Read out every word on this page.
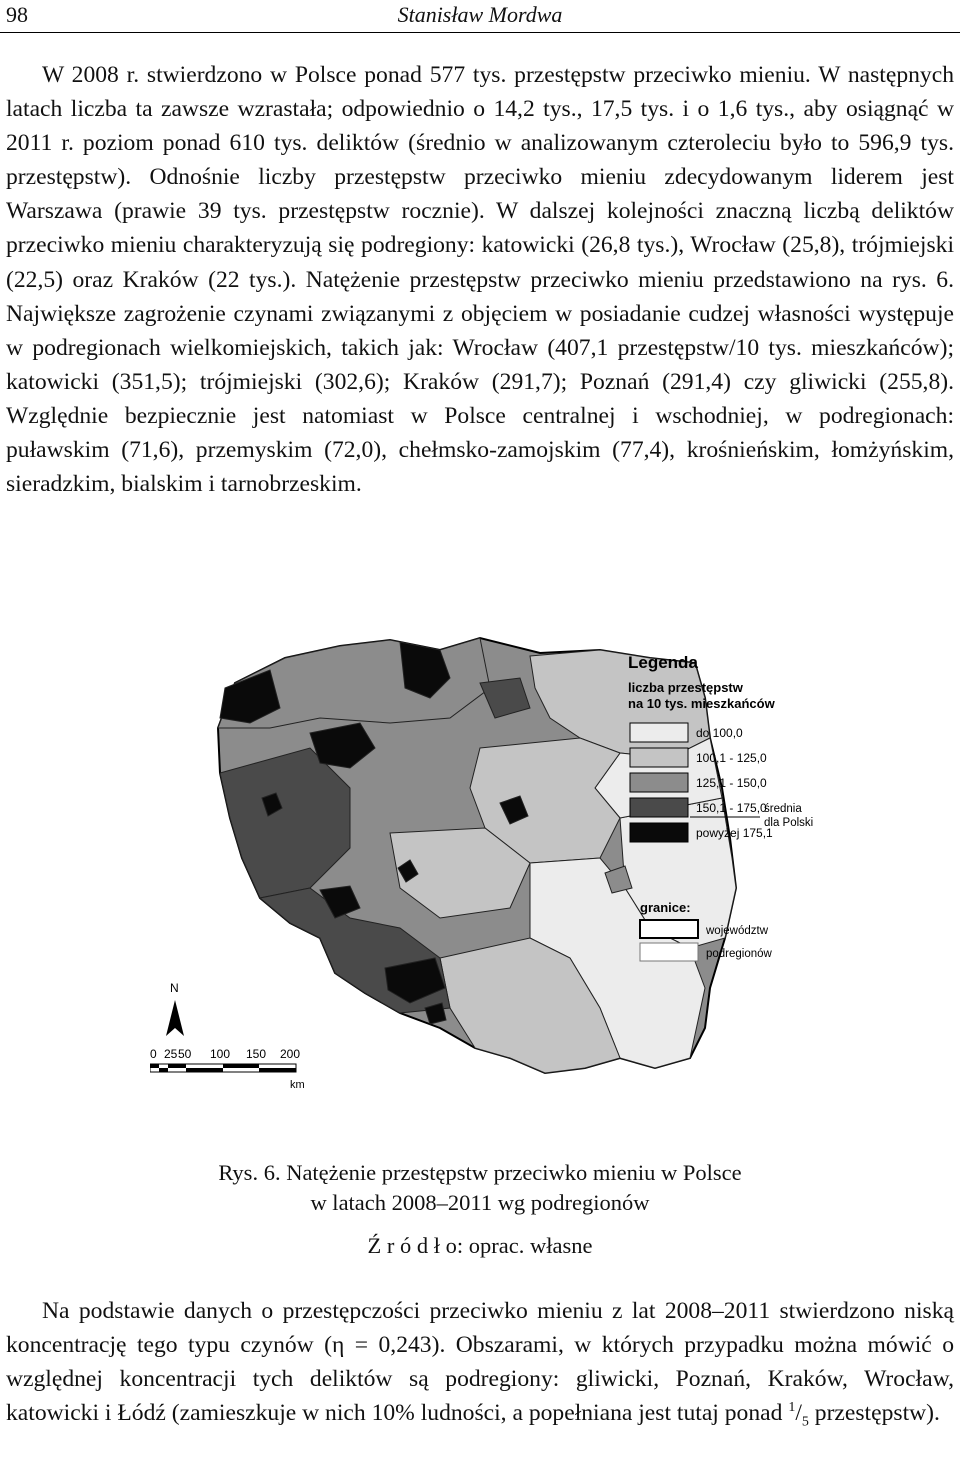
98	Stanisław Mordwa

W 2008 r. stwierdzono w Polsce ponad 577 tys. przestępstw przeciwko mieniu. W następnych latach liczba ta zawsze wzrastała; odpowiednio o 14,2 tys., 17,5 tys. i o 1,6 tys., aby osiągnąć w 2011 r. poziom ponad 610 tys. deliktów (średnio w analizowanym czteroleciu było to 596,9 tys. przestępstw). Odnośnie liczby przestępstw przeciwko mieniu zdecydowanym liderem jest Warszawa (prawie 39 tys. przestępstw rocznie). W dalszej kolejności znaczną liczbą deliktów przeciwko mieniu charakteryzują się podregiony: katowicki (26,8 tys.), Wrocław (25,8), trójmiejski (22,5) oraz Kraków (22 tys.). Natężenie przestępstw przeciwko mieniu przedstawiono na rys. 6. Największe zagrożenie czynami związanymi z objęciem w posiadanie cudzej własności występuje w podregionach wielkomiejskich, takich jak: Wrocław (407,1 przestępstw/10 tys. mieszkańców); katowicki (351,5); trójmiejski (302,6); Kraków (291,7); Poznań (291,4) czy gliwicki (255,8). Względnie bezpiecznie jest natomiast w Polsce centralnej i wschodniej, w podregionach: puławskim (71,6), przemyskim (72,0), chełmsko-zamojskim (77,4), krośnieńskim, łomżyńskim, sieradzkim, bialskim i tarnobrzeskim.

Legenda
liczba przestępstw
na 10 tys. mieszkańców
do 100,0
100,1 - 125,0
125,1 - 150,0
150,1 - 175,0
powyżej 175,1
średnia
dla Polski
granice:
województw
podregionów
N
0 25 50 100 150 200
km
Rys. 6. Natężenie przestępstw przeciwko mieniu w Polsce
w latach 2008–2011 wg podregionów
Ź r ó d ł o: oprac. własne

Na podstawie danych o przestępczości przeciwko mieniu z lat 2008–2011 stwierdzono niską koncentrację tego typu czynów (η = 0,243). Obszarami, w których przypadku można mówić o względnej koncentracji tych deliktów są podregiony: gliwicki, Poznań, Kraków, Wrocław, katowicki i Łódź (zamieszkuje w nich 10% ludności, a popełniana jest tutaj ponad $^1/_5$ przestępstw).
